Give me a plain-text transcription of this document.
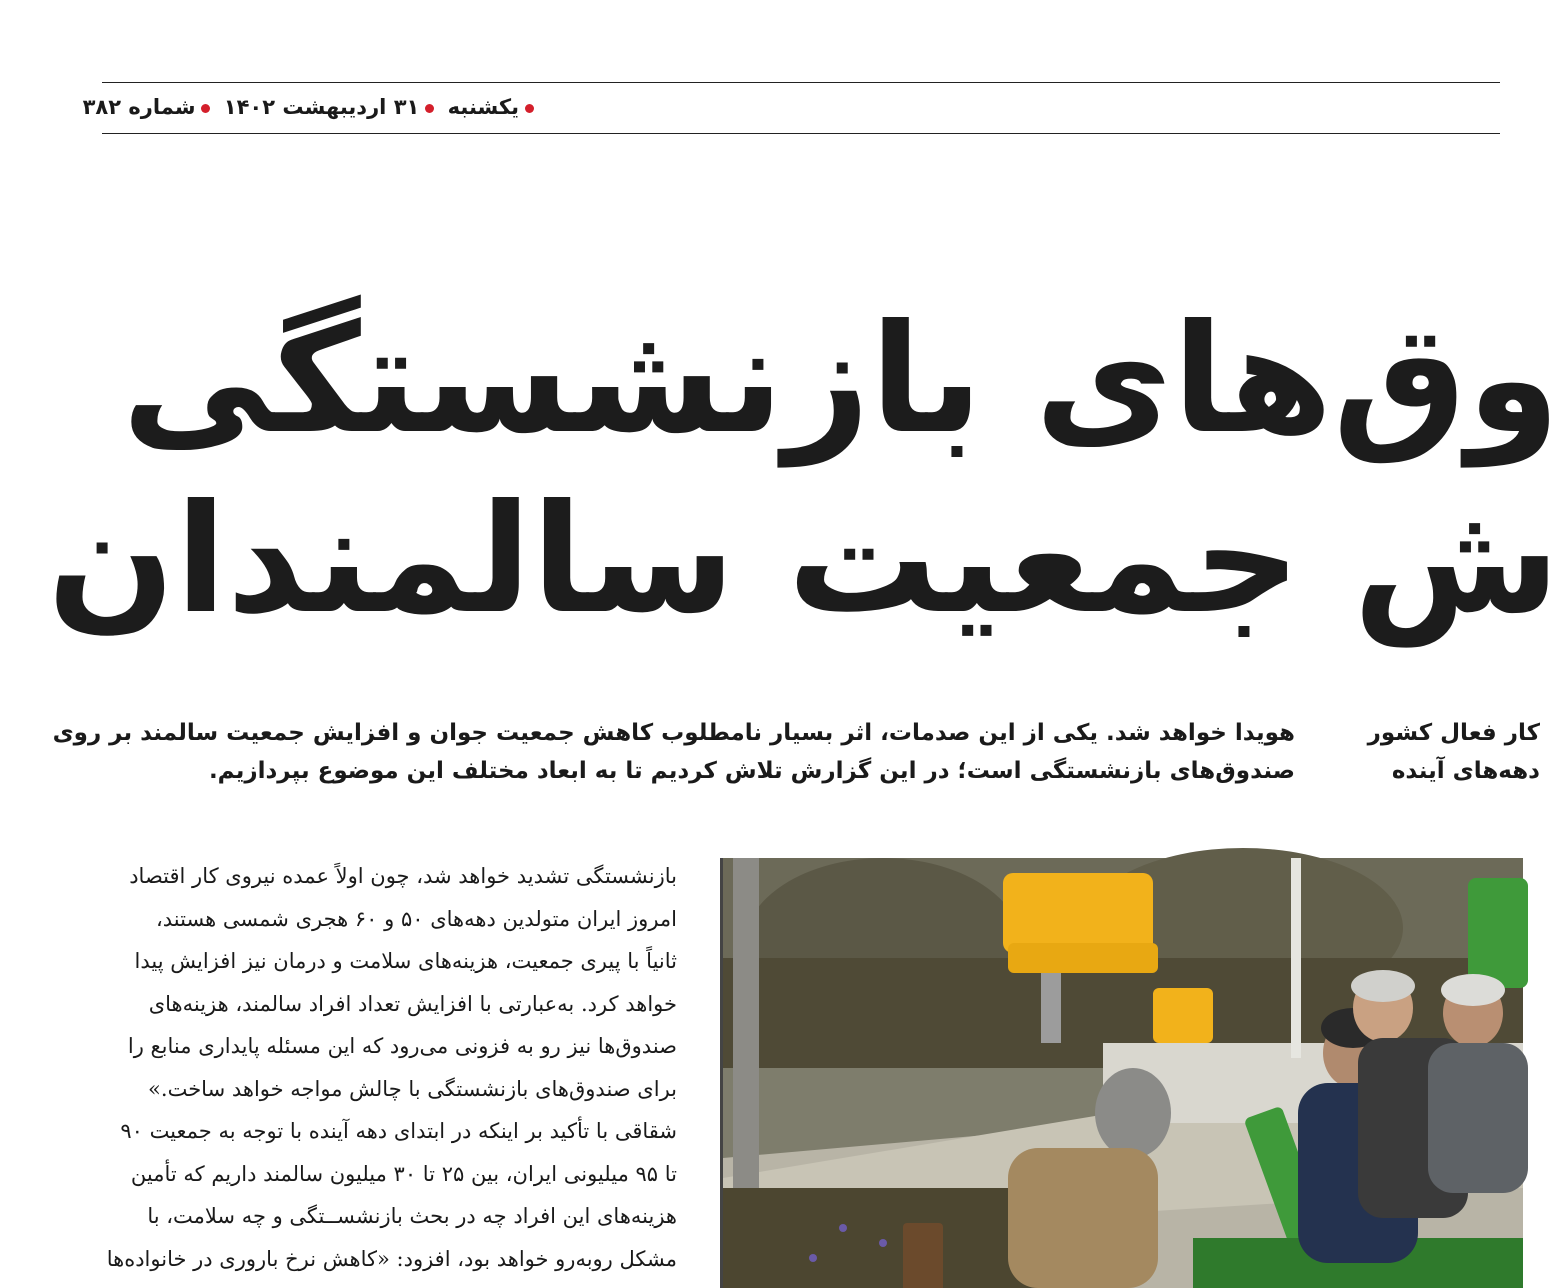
یکشنبه ۳۱ اردیبهشت ۱۴۰۲ شماره ۳۸۲
وق‌های بازنشستگی
ش جمعیت سالمندان
کار فعال کشور
دهه‌های آینده
هویدا خواهد شد. یکی از این صدمات، اثر بسیار نامطلوب کاهش جمعیت جوان و افزایش جمعیت سالمند بر روی
صندوق‌های بازنشستگی است؛ در این گزارش تلاش کردیم تا به ابعاد مختلف این موضوع بپردازیم.
بازنشستگی تشدید خواهد شد، چون اولاً عمده نیروی کار اقتصاد
امروز ایران متولدین دهه‌های ۵۰ و ۶۰ هجری شمسی هستند،
ثانیاً با پیری جمعیت، هزینه‌های سلامت و درمان نیز افزایش پیدا
خواهد کرد. به‌عبارتی با افزایش تعداد افراد سالمند، هزینه‌های
صندوق‌ها نیز رو به فزونی می‌رود که این مسئله پایداری منابع را
برای صندوق‌های بازنشستگی با چالش مواجه خواهد ساخت.»
شقاقی با تأکید بر اینکه در ابتدای دهه آینده با توجه به جمعیت ۹۰
تا ۹۵ میلیونی ایران، بین ۲۵ تا ۳۰ میلیون سالمند داریم که تأمین
هزینه‌های این افراد چه در بحث بازنشســتگی و چه سلامت، با
مشکل روبه‌رو خواهد بود، افزود: «کاهش نرخ باروری در خانواده‌ها
